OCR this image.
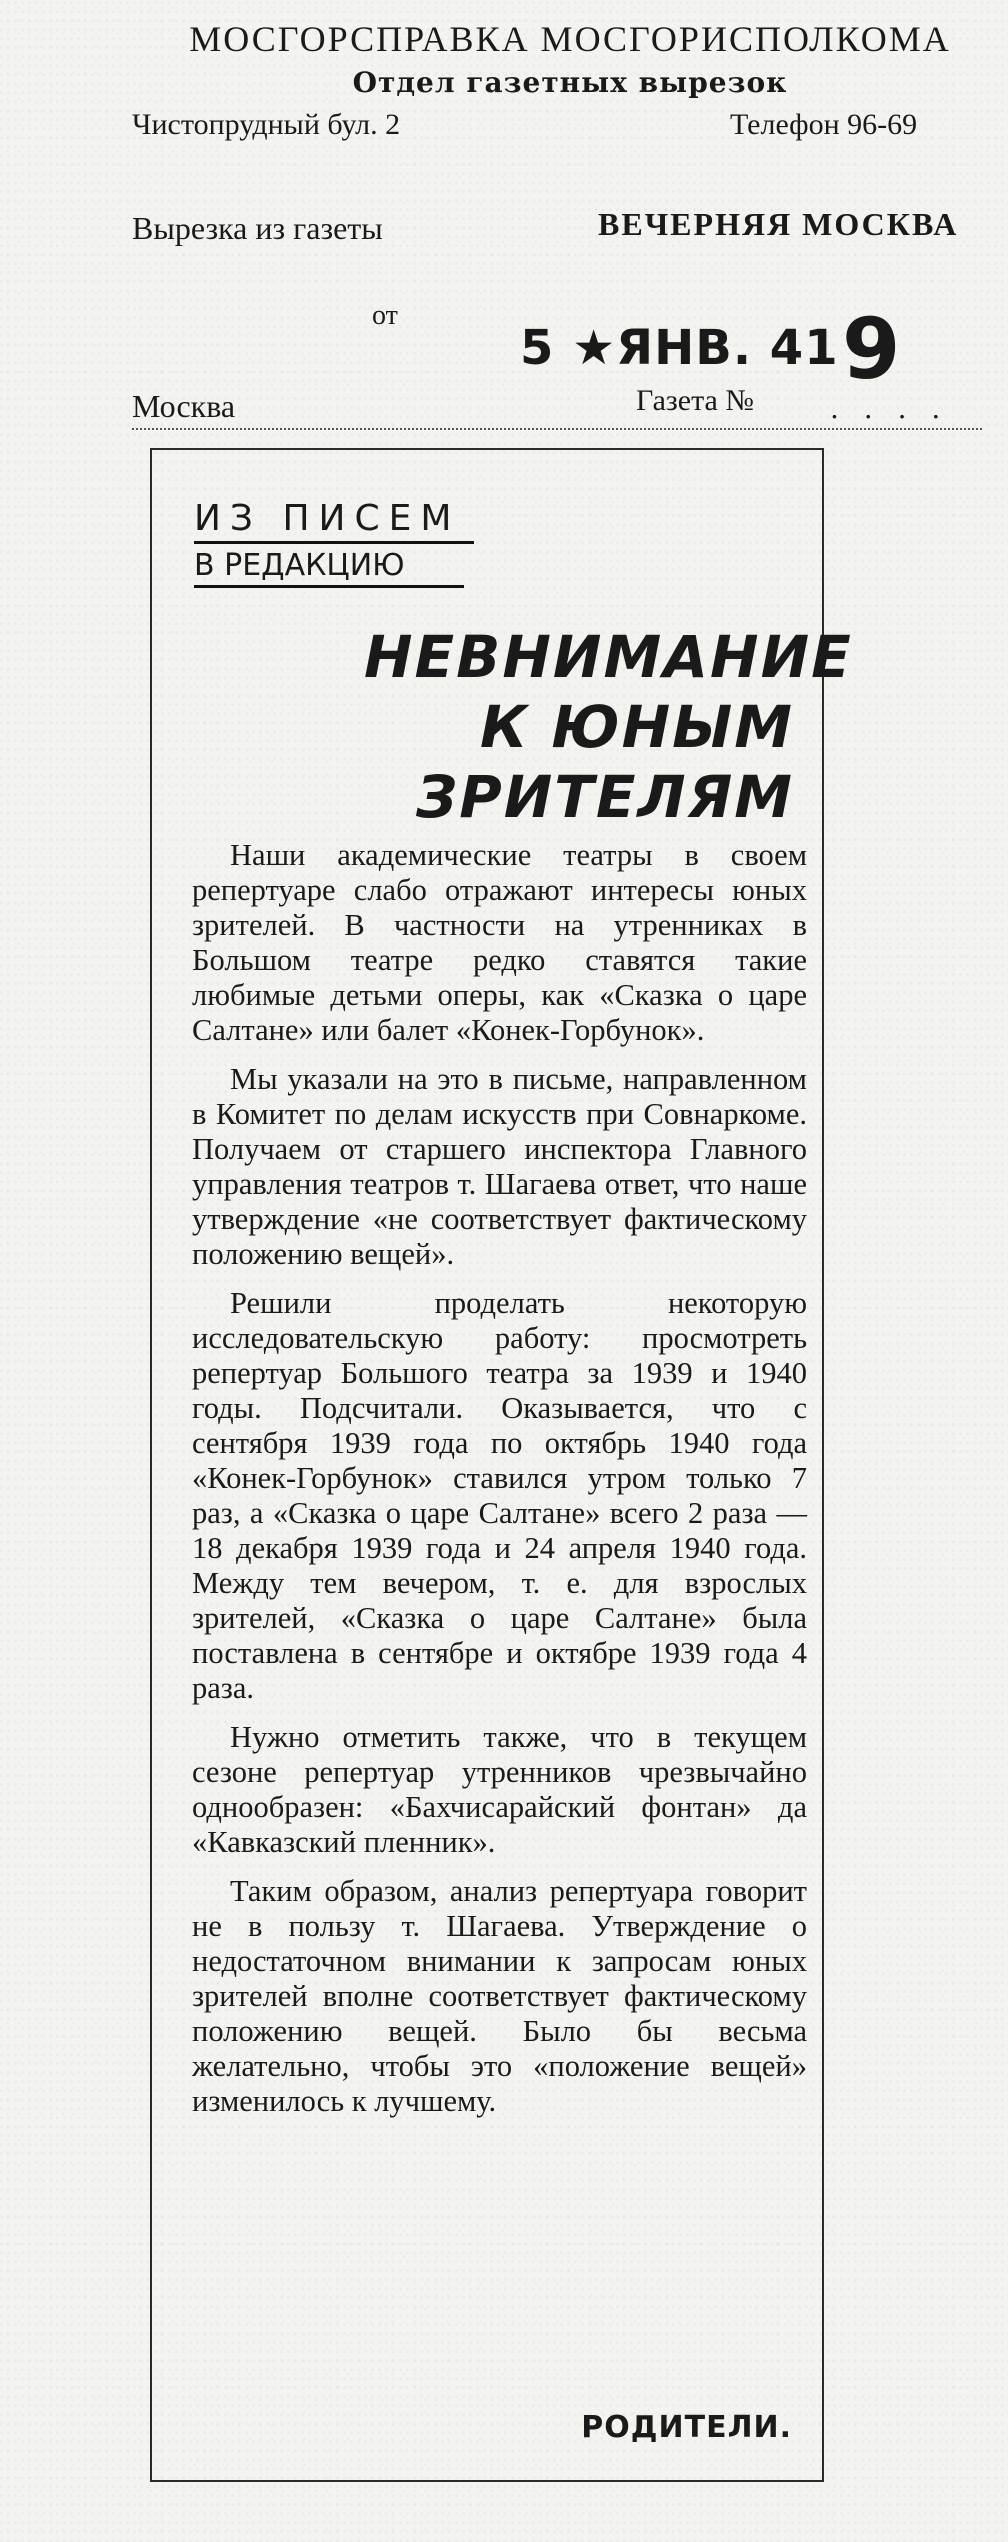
МОСГОРСПРАВКА МОСГОРИСПОЛКОМА
Отдел газетных вырезок
Чистопрудный бул. 2	Телефон 96-69
Вырезка из газеты	ВЕЧЕРНЯЯ МОСКВА
от
5 ★ЯНВ. 41 9
Москва	Газета №	. . . .
ИЗ ПИСЕМ
В РЕДАКЦИЮ
НЕВНИМАНИЕ
К ЮНЫМ
ЗРИТЕЛЯМ

Наши академические театры в своем репертуаре слабо отражают интересы юных зрителей. В частности на утренниках в Большом театре редко ставятся такие любимые детьми оперы, как «Сказка о царе Салтане» или балет «Конек-Горбунок».

Мы указали на это в письме, направленном в Комитет по делам искусств при Совнаркоме. Получаем от старшего инспектора Главного управления театров т. Шагаева ответ, что наше утверждение «не соответствует фактическому положению вещей».

Решили проделать некоторую исследовательскую работу: просмотреть репертуар Большого театра за 1939 и 1940 годы. Подсчитали. Оказывается, что с сентября 1939 года по октябрь 1940 года «Конек-Горбунок» ставился утром только 7 раз, а «Сказка о царе Салтане» всего 2 раза — 18 декабря 1939 года и 24 апреля 1940 года. Между тем вечером, т. е. для взрослых зрителей, «Сказка о царе Салтане» была поставлена в сентябре и октябре 1939 года 4 раза.

Нужно отметить также, что в текущем сезоне репертуар утренников чрезвычайно однообразен: «Бахчисарайский фонтан» да «Кавказский пленник».

Таким образом, анализ репертуара говорит не в пользу т. Шагаева. Утверждение о недостаточном внимании к запросам юных зрителей вполне соответствует фактическому положению вещей. Было бы весьма желательно, чтобы это «положение вещей» изменилось к лучшему.

РОДИТЕЛИ.
